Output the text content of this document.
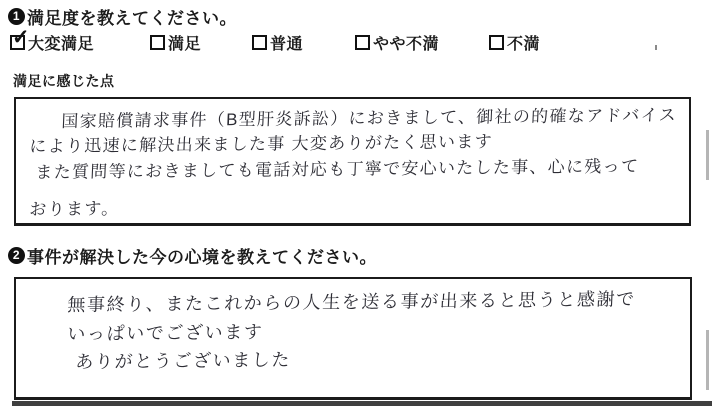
1 満足度を教えてください。
✓
大変満足	満足	普通	やや不満	不満
満足に感じた点
国家賠償請求事件（B型肝炎訴訟）におきまして、御社の的確なアドバイス
により迅速に解決出来ました事 大変ありがたく思います
また質問等におきましても電話対応も丁寧で安心いたした事、心に残って
おります。
2 事件が解決した今の心境を教えてください。
無事終り、またこれからの人生を送る事が出来ると思うと感謝で
いっぱいでございます
ありがとうございました
